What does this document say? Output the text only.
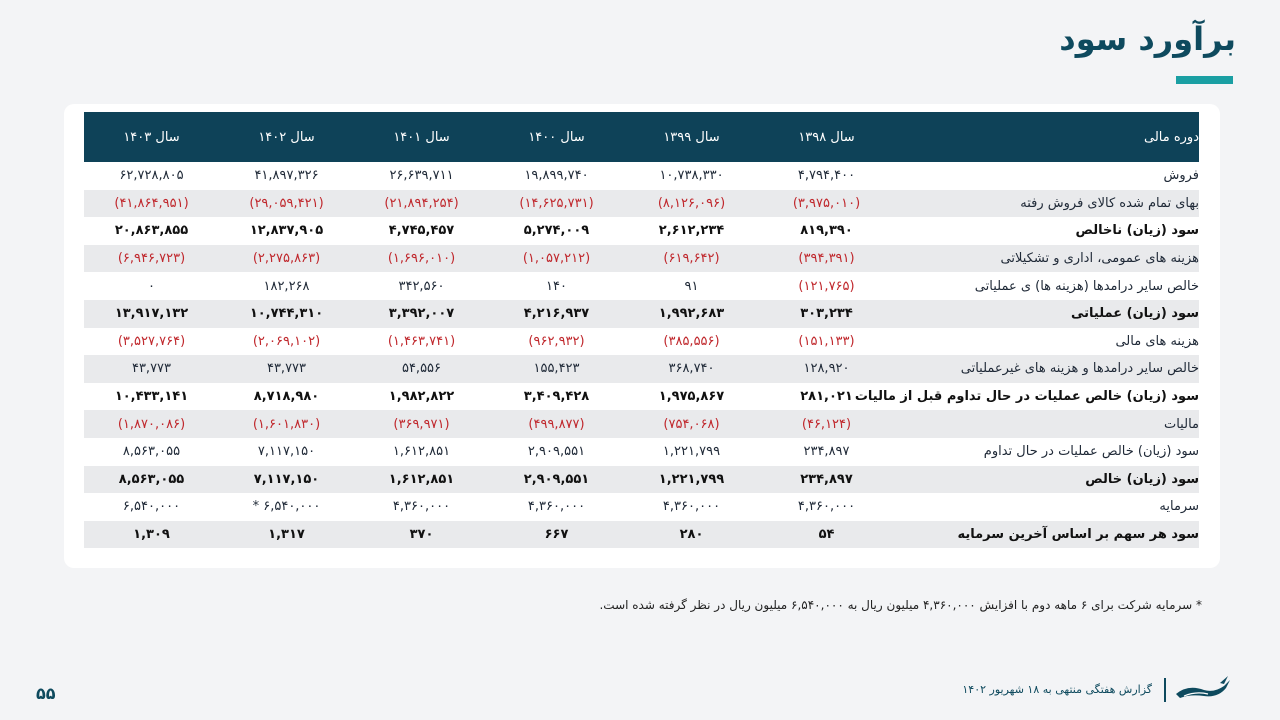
برآورد سود
دوره مالی	سال ۱۳۹۸	سال ۱۳۹۹	سال ۱۴۰۰	سال ۱۴۰۱	سال ۱۴۰۲	سال ۱۴۰۳
فروش	۴,۷۹۴,۴۰۰	۱۰,۷۳۸,۳۳۰	۱۹,۸۹۹,۷۴۰	۲۶,۶۳۹,۷۱۱	۴۱,۸۹۷,۳۲۶	۶۲,۷۲۸,۸۰۵
بهای تمام شده کالای فروش رفته	(۳,۹۷۵,۰۱۰)	(۸,۱۲۶,۰۹۶)	(۱۴,۶۲۵,۷۳۱)	(۲۱,۸۹۴,۲۵۴)	(۲۹,۰۵۹,۴۲۱)	(۴۱,۸۶۴,۹۵۱)
سود (زیان) ناخالص	۸۱۹,۳۹۰	۲,۶۱۲,۲۳۴	۵,۲۷۴,۰۰۹	۴,۷۴۵,۴۵۷	۱۲,۸۳۷,۹۰۵	۲۰,۸۶۳,۸۵۵
هزینه های عمومی، اداری و تشکیلاتی	(۳۹۴,۳۹۱)	(۶۱۹,۶۴۲)	(۱,۰۵۷,۲۱۲)	(۱,۶۹۶,۰۱۰)	(۲,۲۷۵,۸۶۳)	(۶,۹۴۶,۷۲۳)
خالص سایر درامدها (هزینه ها) ی عملیاتی	(۱۲۱,۷۶۵)	۹۱	۱۴۰	۳۴۲,۵۶۰	۱۸۲,۲۶۸	۰
سود (زیان) عملیاتی	۳۰۳,۲۳۴	۱,۹۹۲,۶۸۳	۴,۲۱۶,۹۳۷	۳,۳۹۲,۰۰۷	۱۰,۷۴۴,۳۱۰	۱۳,۹۱۷,۱۳۲
هزینه های مالی	(۱۵۱,۱۳۳)	(۳۸۵,۵۵۶)	(۹۶۲,۹۳۲)	(۱,۴۶۳,۷۴۱)	(۲,۰۶۹,۱۰۲)	(۳,۵۲۷,۷۶۴)
خالص سایر درامدها و هزینه های غیرعملیاتی	۱۲۸,۹۲۰	۳۶۸,۷۴۰	۱۵۵,۴۲۳	۵۴,۵۵۶	۴۳,۷۷۳	۴۳,۷۷۳
سود (زیان) خالص عملیات در حال تداوم قبل از مالیات	۲۸۱,۰۲۱	۱,۹۷۵,۸۶۷	۳,۴۰۹,۴۲۸	۱,۹۸۲,۸۲۲	۸,۷۱۸,۹۸۰	۱۰,۴۳۳,۱۴۱
مالیات	(۴۶,۱۲۴)	(۷۵۴,۰۶۸)	(۴۹۹,۸۷۷)	(۳۶۹,۹۷۱)	(۱,۶۰۱,۸۳۰)	(۱,۸۷۰,۰۸۶)
سود (زیان) خالص عملیات در حال تداوم	۲۳۴,۸۹۷	۱,۲۲۱,۷۹۹	۲,۹۰۹,۵۵۱	۱,۶۱۲,۸۵۱	۷,۱۱۷,۱۵۰	۸,۵۶۳,۰۵۵
سود (زیان) خالص	۲۳۴,۸۹۷	۱,۲۲۱,۷۹۹	۲,۹۰۹,۵۵۱	۱,۶۱۲,۸۵۱	۷,۱۱۷,۱۵۰	۸,۵۶۳,۰۵۵
سرمایه	۴,۳۶۰,۰۰۰	۴,۳۶۰,۰۰۰	۴,۳۶۰,۰۰۰	۴,۳۶۰,۰۰۰	۶,۵۴۰,۰۰۰ *	۶,۵۴۰,۰۰۰
سود هر سهم بر اساس آخرین سرمایه	۵۴	۲۸۰	۶۶۷	۳۷۰	۱,۳۱۷	۱,۳۰۹
* سرمایه شرکت برای ۶ ماهه دوم با افزایش ۴,۳۶۰,۰۰۰ میلیون ریال به ۶,۵۴۰,۰۰۰ میلیون ریال در نظر گرفته شده است.
۵۵	گزارش هفتگی منتهی به ۱۸ شهریور ۱۴۰۲
